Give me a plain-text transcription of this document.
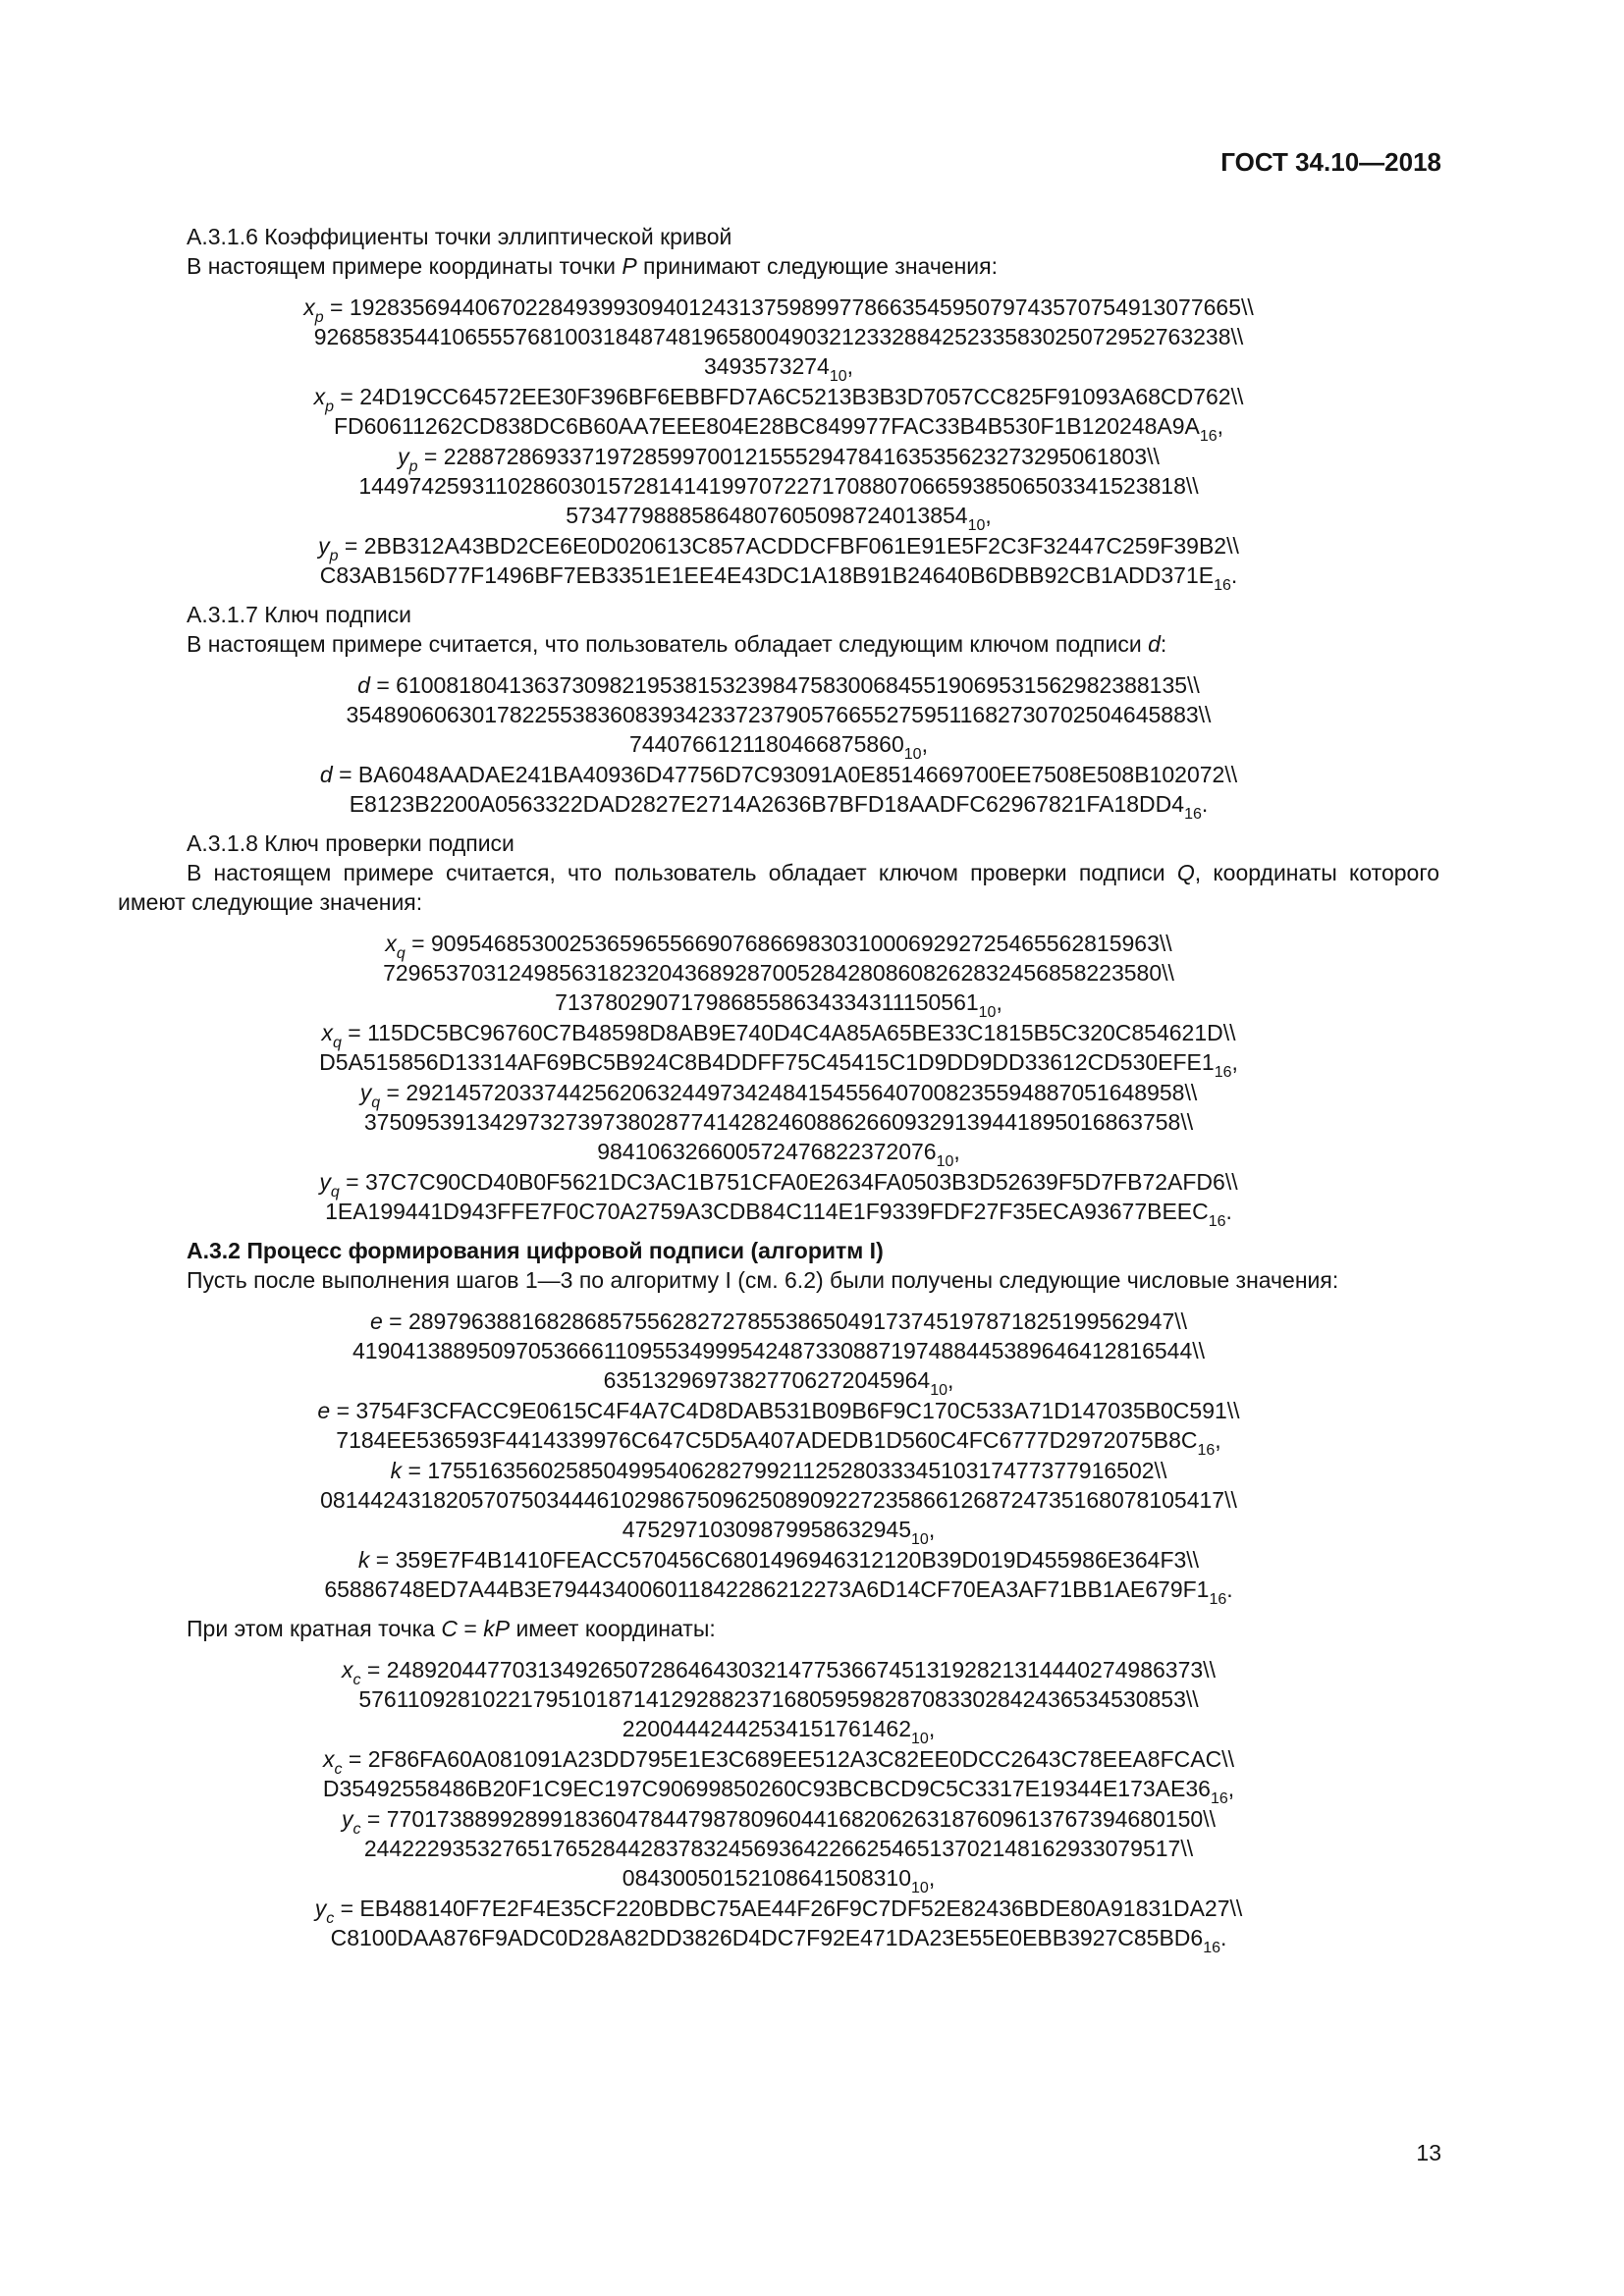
ГОСТ 34.10—2018

А.3.1.6 Коэффициенты точки эллиптической кривой

В настоящем примере координаты точки P принимают следующие значения:

$x_p$ = 19283569440670228493993094012431375989977866354595079743570754913077665\\
9268583544106555768100318487481965800490321233288425233583025072952763238\\
$3493573274_{10}$,
$x_p$ = 24D19CC64572EE30F396BF6EBBFD7A6C5213B3B3D7057CC825F91093A68CD762\\
$FD60611262CD838DC6B60AA7EEE804E28BC849977FAC33B4B530F1B120248A9A_{16}$,
$y_p$ = 22887286933719728599700121555294784163535623273295061803\\
144974259311028603015728141419970722717088070665938506503341523818\\
$57347798885864807605098724013854_{10}$,
$y_p$ = 2BB312A43BD2CE6E0D020613C857ACDDCFBF061E91E5F2C3F32447C259F39B2\\
$C83AB156D77F1496BF7EB3351E1EE4E43DC1A18B91B24640B6DBB92CB1ADD371E_{16}$.

А.3.1.7 Ключ подписи

В настоящем примере считается, что пользователь обладает следующим ключом подписи d:

d = 610081804136373098219538153239847583006845519069531562982388135\\
35489060630178225538360839342337237905766552759511682730702504645883\\
$7440766121180466875860_{10}$,
d = BA6048AADAE241BA40936D47756D7C93091A0E8514669700EE7508E508B102072\\
$E8123B2200A0563322DAD2827E2714A2636B7BFD18AADFC62967821FA18DD4_{16}$.

А.3.1.8 Ключ проверки подписи

В настоящем примере считается, что пользователь обладает ключом проверки подписи Q, координаты которого имеют следующие значения:

$x_q$ = 9095468530025365965566907686698303100069292725465562815963\\
72965370312498563182320436892870052842808608262832456858223580\\
$7137802907179868558634334311150561_{10}$,
$x_q$ = 115DC5BC96760C7B48598D8AB9E740D4C4A85A65BE33C1815B5C320C854621D\\
$D5A515856D13314AF69BC5B924C8B4DDFF75C45415C1D9DD9DD33612CD530EFE1_{16}$,
$y_q$ = 29214572033744256206324497342484154556407008235594887051648958\\
37509539134297327397380287741428246088626609329139441895016863758\\
$984106326600572476822372076_{10}$,
$y_q$ = 37C7C90CD40B0F5621DC3AC1B751CFA0E2634FA0503B3D52639F5D7FB72AFD6\\
$1EA199441D943FFE7F0C70A2759A3CDB84C114E1F9339FDF27F35ECA93677BEEC_{16}$.

А.3.2 Процесс формирования цифровой подписи (алгоритм I)

Пусть после выполнения шагов 1—3 по алгоритму I (см. 6.2) были получены следующие числовые значения:

e = 2897963881682868575562827278553865049173745197871825199562947\\
4190413889509705366611095534999542487330887197488445389646412816544\\
$63513296973827706272045964_{10}$,
e = 3754F3CFACC9E0615C4F4A7C4D8DAB531B09B6F9C170C533A71D147035B0C591\\
$7184EE536593F4414339976C647C5D5A407ADEDB1D560C4FC6777D2972075B8C_{16}$,
k = 1755163560258504995406282799211252803334510317477377916502\\
081442431820570750344461029867509625089092272358661268724735168078105417\\
$47529710309879958632945_{10}$,
k = 359E7F4B1410FEACC570456C6801496946312120B39D019D455986E364F3\\
$65886748ED7A44B3E794434006011842286212273A6D14CF70EA3AF71BB1AE679F1_{16}$.

При этом кратная точка C = kP имеет координаты:

$x_c$ = 24892044770313492650728646430321477536674513192821314440274986373\\
576110928102217951018714129288237168059598287083302842436534530853\\
$22004442442534151761462_{10}$,
$x_c$ = 2F86FA60A081091A23DD795E1E3C689EE512A3C82EE0DCC2643C78EEA8FCAC\\
$D35492558486B20F1C9EC197C90699850260C93BCBCD9C5C3317E19344E173AE36_{16}$,
$y_c$ = 77017388992899183604784479878096044168206263187609613767394680150\\
24422293532765176528442837832456936422662546513702148162933079517\\
$08430050152108641508310_{10}$,
$y_c$ = EB488140F7E2F4E35CF220BDBC75AE44F26F9C7DF52E82436BDE80A91831DA27\\
$C8100DAA876F9ADC0D28A82DD3826D4DC7F92E471DA23E55E0EBB3927C85BD6_{16}$.
13
